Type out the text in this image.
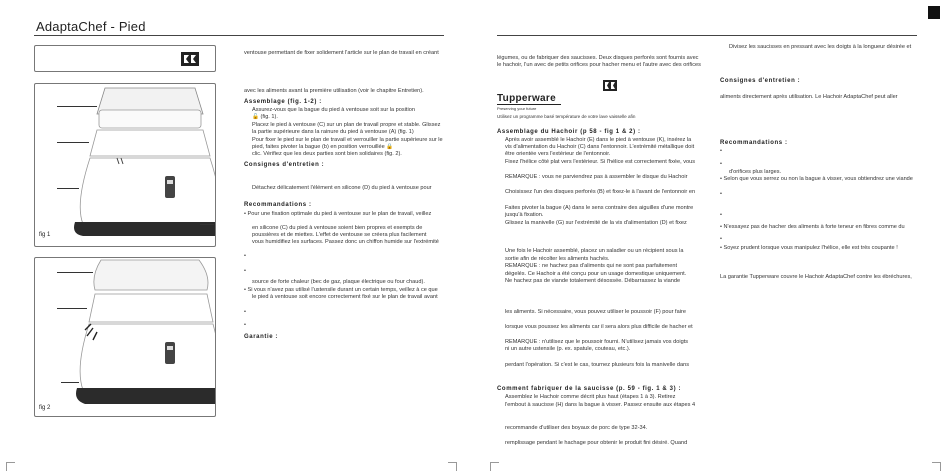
AdaptaChef - Pied
fig 1
fig 2
ventouse permettant de fixer solidement l'article sur le plan de travail en créant
avec les aliments avant la première utilisation (voir le chapitre Entretien).
Assemblage (fig. 1-2) :
Assurez-vous que la bague du pied à ventouse soit sur la position
🔓 (fig. 1).
Placez le pied à ventouse (C) sur un plan de travail propre et stable. Glissez
la partie supérieure dans la rainure du pied à ventouse (A) (fig. 1)
Pour fixer le pied sur le plan de travail et verrouiller la partie supérieure sur le
pied, faites pivoter la bague (b) en position verrouillée 🔒
clic. Vérifiez que les deux parties sont bien solidaires (fig. 2).
Consignes d'entretien :
Détachez délicatement l'élément en silicone (D) du pied à ventouse pour
Recommandations :
• Pour une fixation optimale du pied à ventouse sur le plan de travail, veillez
en silicone (C) du pied à ventouse soient bien propres et exempts de
poussières et de miettes. L'effet de ventouse se créera plus facilement
vous humidifiez les surfaces. Passez donc un chiffon humide sur l'extrémité
•
•
source de forte chaleur (bec de gaz, plaque électrique ou four chaud).
• Si vous n'avez pas utilisé l'ustensile durant un certain temps, veillez à ce que
le pied à ventouse soit encore correctement fixé sur le plan de travail avant
•
•
Garantie :
légumes, ou de fabriquer des saucisses. Deux disques perforés sont fournis avec
le hachoir, l'un avec de petits orifices pour hacher menu et l'autre avec des orifices
Tupperware
Preserving your future
Utilisez un programme basé température de votre lave vaisselle afin
Assemblage du Hachoir (p 58 - fig 1 & 2) :
Après avoir assemblé le Hachoir (E) dans le pied à ventouse (K), insérez la
vis d'alimentation du Hachoir (C) dans l'entonnoir. L'extrémité métallique doit
être orientée vers l'extérieur de l'entonnoir.
Fixez l'hélice côté plat vers l'extérieur. Si l'hélice est correctement fixée, vous
REMARQUE : vous ne parviendrez pas à assembler le disque du Hachoir
Choisissez l'un des disques perforés (B) et fixez-le à l'avant de l'entonnoir en
Faites pivoter la bague (A) dans le sens contraire des aiguilles d'une montre
jusqu'à fixation.
Glissez la manivelle (G) sur l'extrémité de la vis d'alimentation (D) et fixez
Une fois le Hachoir assemblé, placez un saladier ou un récipient sous la
sortie afin de récolter les aliments hachés.
REMARQUE : ne hachez pas d'aliments qui ne sont pas parfaitement
dégelés. Ce Hachoir a été conçu pour un usage domestique uniquement.
Ne hachez pas de viande totalement désossée. Débarrassez la viande
les aliments. Si nécessaire, vous pouvez utiliser le poussoir (F) pour faire
lorsque vous poussez les aliments car il sera alors plus difficile de hacher et
REMARQUE : n'utilisez que le poussoir fourni. N'utilisez jamais vos doigts
ni un autre ustensile (p. ex. spatule, couteau, etc.).
perdant l'opération. Si c'est le cas, tournez plusieurs fois la manivelle dans
Comment fabriquer de la saucisse (p. 59 - fig. 1 & 3) :
Assemblez le Hachoir comme décrit plus haut (étapes 1 à 3). Retirez
l'embout à saucisse (H) dans la bague à visser. Passez ensuite aux étapes 4
recommande d'utiliser des boyaux de porc de type 32-34.
remplissage pendant le hachage pour obtenir le produit fini désiré. Quand
Divisez les saucisses en pressant avec les doigts à la longueur désirée et
Consignes d'entretien :
aliments directement après utilisation. Le Hachoir AdaptaChef peut aller
Recommandations :
•
•
d'orifices plus larges.
• Selon que vous serrez ou non la bague à visser, vous obtiendrez une viande
•
•
• N'essayez pas de hacher des aliments à forte teneur en fibres comme du
•
• Soyez prudent lorsque vous manipulez l'hélice, elle est très coupante !
La garantie Tupperware couvre le Hachoir AdaptaChef contre les ébréchures,
